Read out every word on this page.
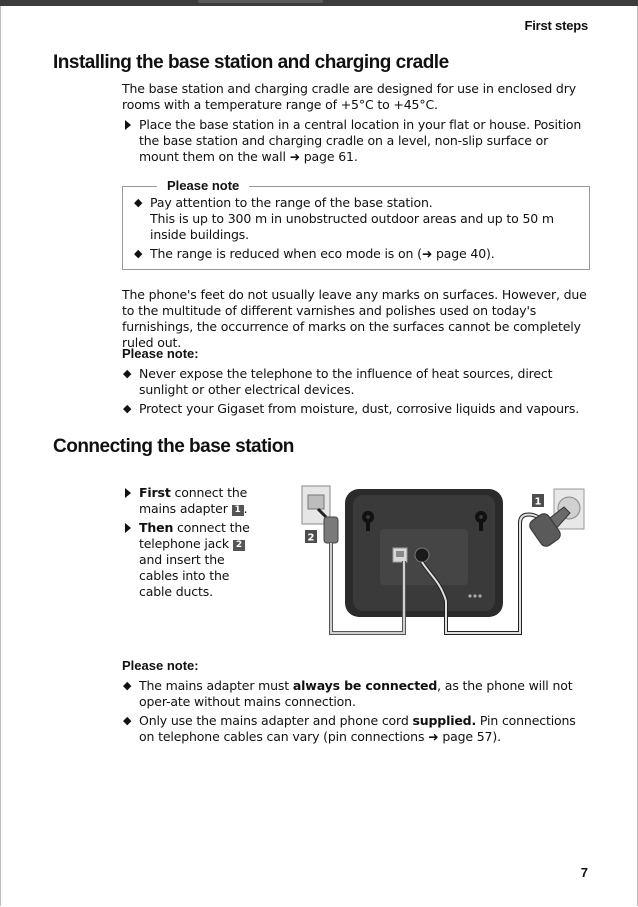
First steps
Installing the base station and charging cradle
The base station and charging cradle are designed for use in enclosed dry rooms with a temperature range of +5°C to +45°C.
Place the base station in a central location in your flat or house. Position the base station and charging cradle on a level, non-slip surface or mount them on the wall ➜ page 61.
Please note
◆ Pay attention to the range of the base station.
This is up to 300 m in unobstructed outdoor areas and up to 50 m inside buildings.
◆ The range is reduced when eco mode is on (➜ page 40).
The phone's feet do not usually leave any marks on surfaces. However, due to the multitude of different varnishes and polishes used on today's furnishings, the occurrence of marks on the surfaces cannot be completely ruled out.
Please note:
◆ Never expose the telephone to the influence of heat sources, direct sunlight or other electrical devices.
◆ Protect your Gigaset from moisture, dust, corrosive liquids and vapours.
Connecting the base station
First connect the mains adapter 1 .
Then connect the telephone jack 2 and insert the cables into the cable ducts.
2
1
Please note:
◆ The mains adapter must always be connected, as the phone will not oper-ate without mains connection.
◆ Only use the mains adapter and phone cord supplied. Pin connections on telephone cables can vary (pin connections ➜ page 57).
7
